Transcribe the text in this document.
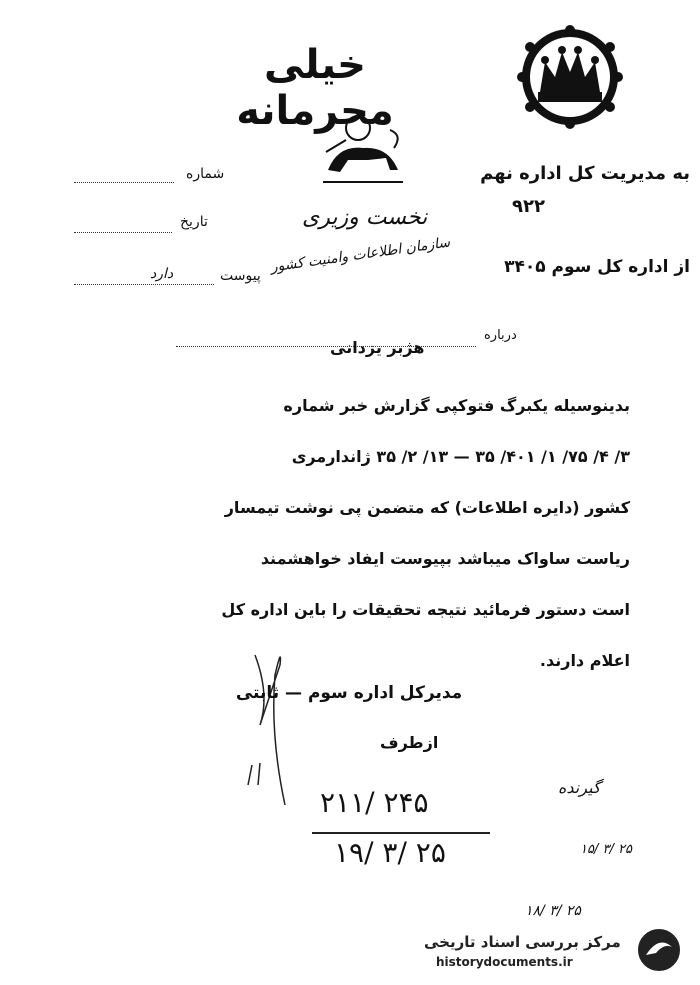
خیلی محرمانه
شماره
تاریخ
پیوست
دارد
به مدیریت کل اداره نهم
۹۲۲
نخست وزیری
سازمان اطلاعات وامنیت کشور	از اداره کل سوم ۳۴۰۵
درباره
هژبر یزدانی
بدینوسیله یکبرگ فتوکپی گزارش خبر شماره
۳/ ۴/ ۷۵/ ۱/ ۴۰۱/ ۳۵ — ۱۳/ ۲/ ۳۵ ژاندارمری
کشور (دایره اطلاعات) که متضمن پی نوشت تیمسار
ریاست ساواک میباشد بپیوست ایفاد خواهشمند
است دستور فرمائید نتیجه تحقیقات را باین اداره کل
اعلام دارند.
مدیرکل اداره سوم — ثابتی
ازطرف
۲۱۱/ ۲۴۵
۱۹/ ۳/ ۲۵
گیرنده
۱۵/ ۳/ ۲۵
۱۸/ ۳/ ۲۵
مرکز بررسی اسناد تاریخی
historydocuments.ir
